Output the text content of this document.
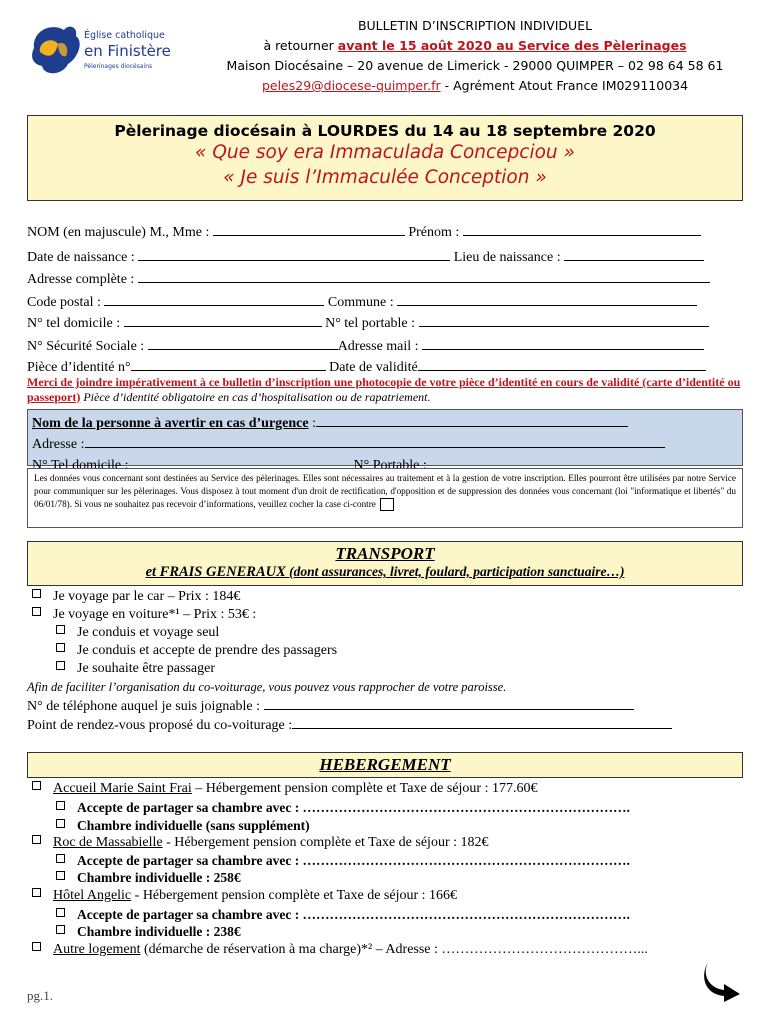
Église catholique
en Finistère
Pèlerinages diocésains
BULLETIN D’INSCRIPTION INDIVIDUEL
à retourner avant le 15 août 2020 au Service des Pèlerinages
Maison Diocésaine – 20 avenue de Limerick - 29000 QUIMPER – 02 98 64 58 61
peles29@diocese-quimper.fr - Agrément Atout France IM029110034
Pèlerinage diocésain à LOURDES du 14 au 18 septembre 2020
« Que soy era Immaculada Concepciou »
« Je suis l’Immaculée Conception »
NOM (en majuscule) M., Mme :	Prénom :
Date de naissance :	Lieu de naissance :
Adresse complète :
Code postal :	Commune :
N° tel domicile :	N° tel portable :
N° Sécurité Sociale :	Adresse mail :
Pièce d’identité n°	Date de validité
Merci de joindre impérativement à ce bulletin d’inscription une photocopie de votre pièce d’identité en cours de validité (carte d’identité ou passeport) Pièce d’identité obligatoire en cas d’hospitalisation ou de rapatriement.
Nom de la personne à avertir en cas d’urgence :
Adresse :
N° Tel domicile :	N° Portable :
Les données vous concernant sont destinées au Service des pèlerinages. Elles sont nécessaires au traitement et à la gestion de votre inscription. Elles pourront être utilisées par notre Service pour communiquer sur les pèlerinages. Vous disposez à tout moment d'un droit de rectification, d'opposition et de suppression des données vous concernant (loi "informatique et libertés" du 06/01/78). Si vous ne souhaitez pas recevoir d’informations, veuillez cocher la case ci-contre
TRANSPORT
et FRAIS GENERAUX (dont assurances, livret, foulard, participation sanctuaire…)
Je voyage par le car – Prix : 184€
Je voyage en voiture*¹ – Prix : 53€ :
Je conduis et voyage seul
Je conduis et accepte de prendre des passagers
Je souhaite être passager
Afin de faciliter l’organisation du co-voiturage, vous pouvez vous rapprocher de votre paroisse.
N° de téléphone auquel je suis joignable :
Point de rendez-vous proposé du co-voiturage :
HEBERGEMENT
Accueil Marie Saint Frai – Hébergement pension complète et Taxe de séjour : 177.60€
Accepte de partager sa chambre avec : ……………………………………………………………….
Chambre individuelle (sans supplément)
Roc de Massabielle - Hébergement pension complète et Taxe de séjour : 182€
Accepte de partager sa chambre avec : ……………………………………………………………….
Chambre individuelle : 258€
Hôtel Angelic - Hébergement pension complète et Taxe de séjour : 166€
Accepte de partager sa chambre avec : ……………………………………………………………….
Chambre individuelle : 238€
Autre logement (démarche de réservation à ma charge)*² – Adresse : ……………………………………...
pg.1.
